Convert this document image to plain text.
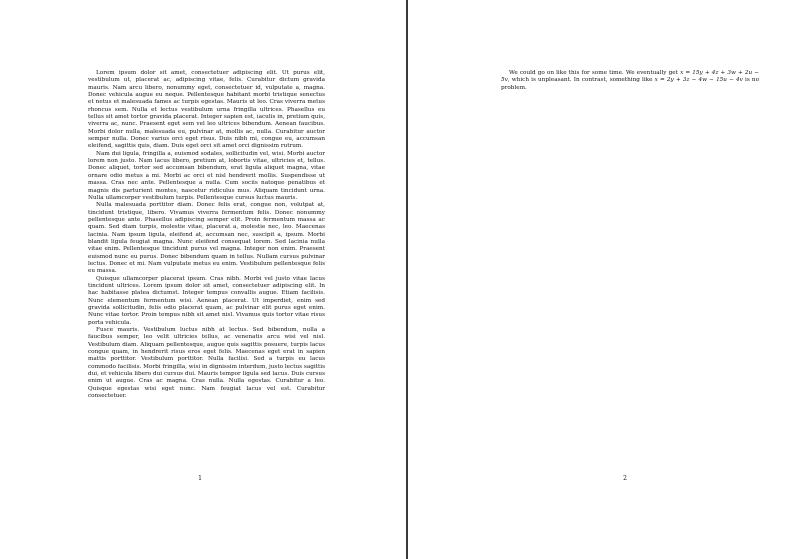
Lorem ipsum dolor sit amet, consectetuer adipiscing elit. Ut purus elit, vestibulum ut, placerat ac, adipiscing vitae, felis. Curabitur dictum gravida mauris. Nam arcu libero, nonummy eget, consectetuer id, vulputate a, magna. Donec vehicula augue eu neque. Pellentesque habitant morbi tristique senectus et netus et malesuada fames ac turpis egestas. Mauris ut leo. Cras viverra metus rhoncus sem. Nulla et lectus vestibulum urna fringilla ultrices. Phasellus eu tellus sit amet tortor gravida placerat. Integer sapien est, iaculis in, pretium quis, viverra ac, nunc. Praesent eget sem vel leo ultrices bibendum. Aenean faucibus. Morbi dolor nulla, malesuada eu, pulvinar at, mollis ac, nulla. Curabitur auctor semper nulla. Donec varius orci eget risus. Duis nibh mi, congue eu, accumsan eleifend, sagittis quis, diam. Duis eget orci sit amet orci dignissim rutrum.

Nam dui ligula, fringilla a, euismod sodales, sollicitudin vel, wisi. Morbi auctor lorem non justo. Nam lacus libero, pretium at, lobortis vitae, ultricies et, tellus. Donec aliquet, tortor sed accumsan bibendum, erat ligula aliquet magna, vitae ornare odio metus a mi. Morbi ac orci et nisl hendrerit mollis. Suspendisse ut massa. Cras nec ante. Pellentesque a nulla. Cum sociis natoque penatibus et magnis dis parturient montes, nascetur ridiculus mus. Aliquam tincidunt urna. Nulla ullamcorper vestibulum turpis. Pellentesque cursus luctus mauris.

Nulla malesuada porttitor diam. Donec felis erat, congue non, volutpat at, tincidunt tristique, libero. Vivamus viverra fermentum felis. Donec nonummy pellentesque ante. Phasellus adipiscing semper elit. Proin fermentum massa ac quam. Sed diam turpis, molestie vitae, placerat a, molestie nec, leo. Maecenas lacinia. Nam ipsum ligula, eleifend at, accumsan nec, suscipit a, ipsum. Morbi blandit ligula feugiat magna. Nunc eleifend consequat lorem. Sed lacinia nulla vitae enim. Pellentesque tincidunt purus vel magna. Integer non enim. Praesent euismod nunc eu purus. Donec bibendum quam in tellus. Nullam cursus pulvinar lectus. Donec et mi. Nam vulputate metus eu enim. Vestibulum pellentesque felis eu massa.

Quisque ullamcorper placerat ipsum. Cras nibh. Morbi vel justo vitae lacus tincidunt ultrices. Lorem ipsum dolor sit amet, consectetuer adipiscing elit. In hac habitasse platea dictumst. Integer tempus convallis augue. Etiam facilisis. Nunc elementum fermentum wisi. Aenean placerat. Ut imperdiet, enim sed gravida sollicitudin, felis odio placerat quam, ac pulvinar elit purus eget enim. Nunc vitae tortor. Proin tempus nibh sit amet nisl. Vivamus quis tortor vitae risus porta vehicula.

Fusce mauris. Vestibulum luctus nibh at lectus. Sed bibendum, nulla a faucibus semper, leo velit ultricies tellus, ac venenatis arcu wisi vel nisl. Vestibulum diam. Aliquam pellentesque, augue quis sagittis posuere, turpis lacus congue quam, in hendrerit risus eros eget felis. Maecenas eget erat in sapien mattis porttitor. Vestibulum porttitor. Nulla facilisi. Sed a turpis eu lacus commodo facilisis. Morbi fringilla, wisi in dignissim interdum, justo lectus sagittis dui, et vehicula libero dui cursus dui. Mauris tempor ligula sed lacus. Duis cursus enim ut augue. Cras ac magna. Cras nulla. Nulla egestas. Curabitur a leo. Quisque egestas wisi eget nunc. Nam feugiat lacus vel est. Curabitur consectetuer.

1

We could go on like this for some time. We eventually get x = 15y + 4z + 3w + 2u − 5v, which is unpleasant. In contrast, something like x = 2y + 3z − 4w − 15u − 4v is no problem.

2
